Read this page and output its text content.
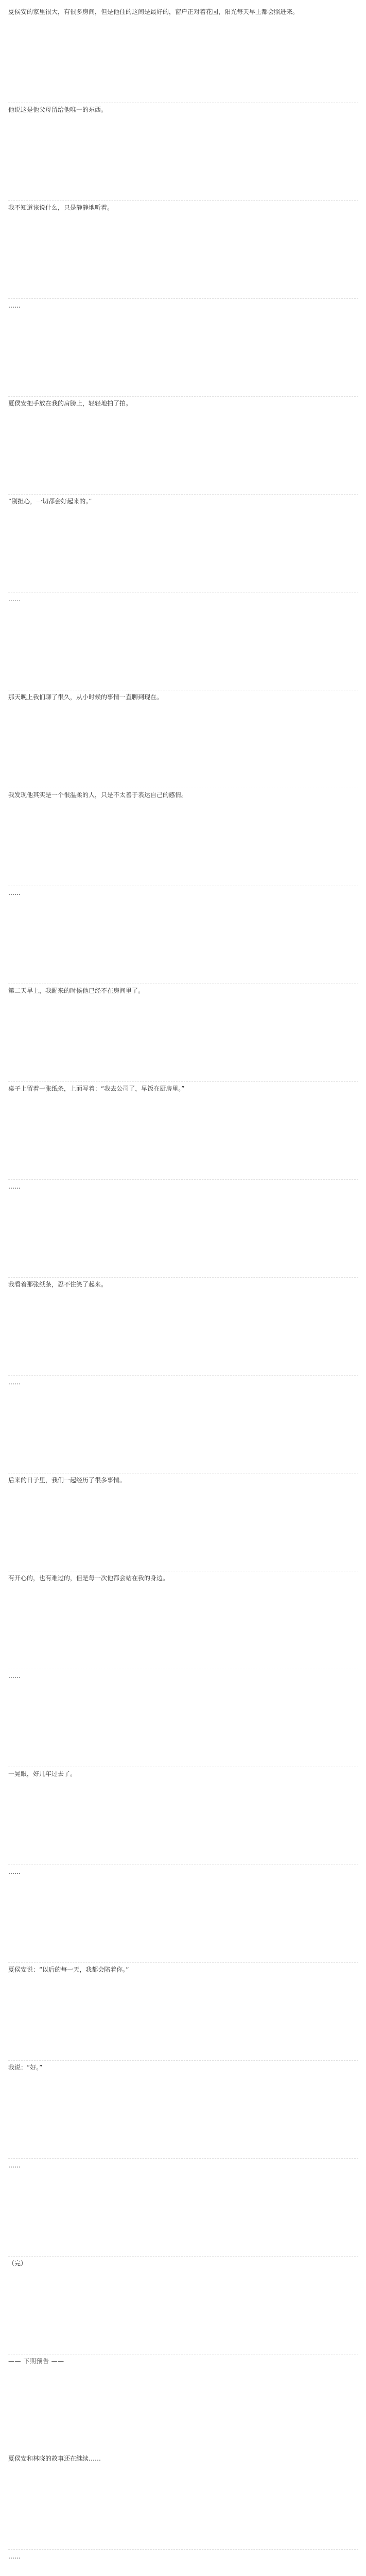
夏侯安的家里很大，有很多房间，但是他住的这间是最好的，窗户正对着花园，阳光每天早上都会照进来。
他说这是他父母留给他唯一的东西。
我不知道该说什么，只是静静地听着。
……
夏侯安把手放在我的肩膀上，轻轻地拍了拍。
“别担心，一切都会好起来的。”
……
那天晚上我们聊了很久，从小时候的事情一直聊到现在。
我发现他其实是一个很温柔的人，只是不太善于表达自己的感情。
……
第二天早上，我醒来的时候他已经不在房间里了。
桌子上留着一张纸条，上面写着：“我去公司了，早饭在厨房里。”
……
我看着那张纸条，忍不住笑了起来。
……
后来的日子里，我们一起经历了很多事情。
有开心的，也有难过的，但是每一次他都会站在我的身边。
……
一晃眼，好几年过去了。
……
夏侯安说：“以后的每一天，我都会陪着你。”
我说：“好。”
……
（完）
—— 下期预告 ——
夏侯安和林晓的故事还在继续……
……
